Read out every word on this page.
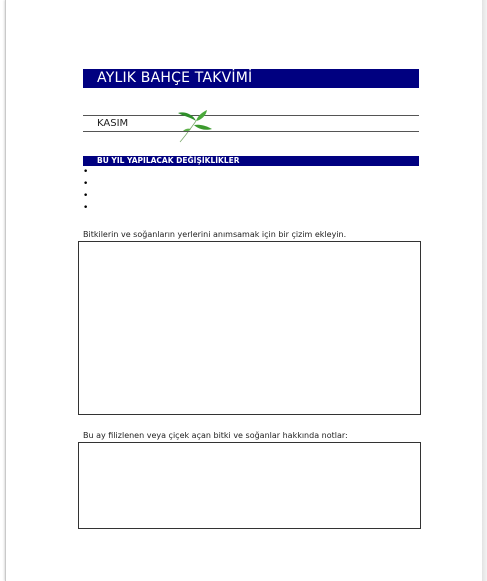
AYLIK BAHÇE TAKVİMİ
KASIM
BU YIL YAPILACAK DEĞİŞİKLİKLER
•
•
•
•
Bitkilerin ve soğanların yerlerini anımsamak için bir çizim ekleyin.
Bu ay filizlenen veya çiçek açan bitki ve soğanlar hakkında notlar:
